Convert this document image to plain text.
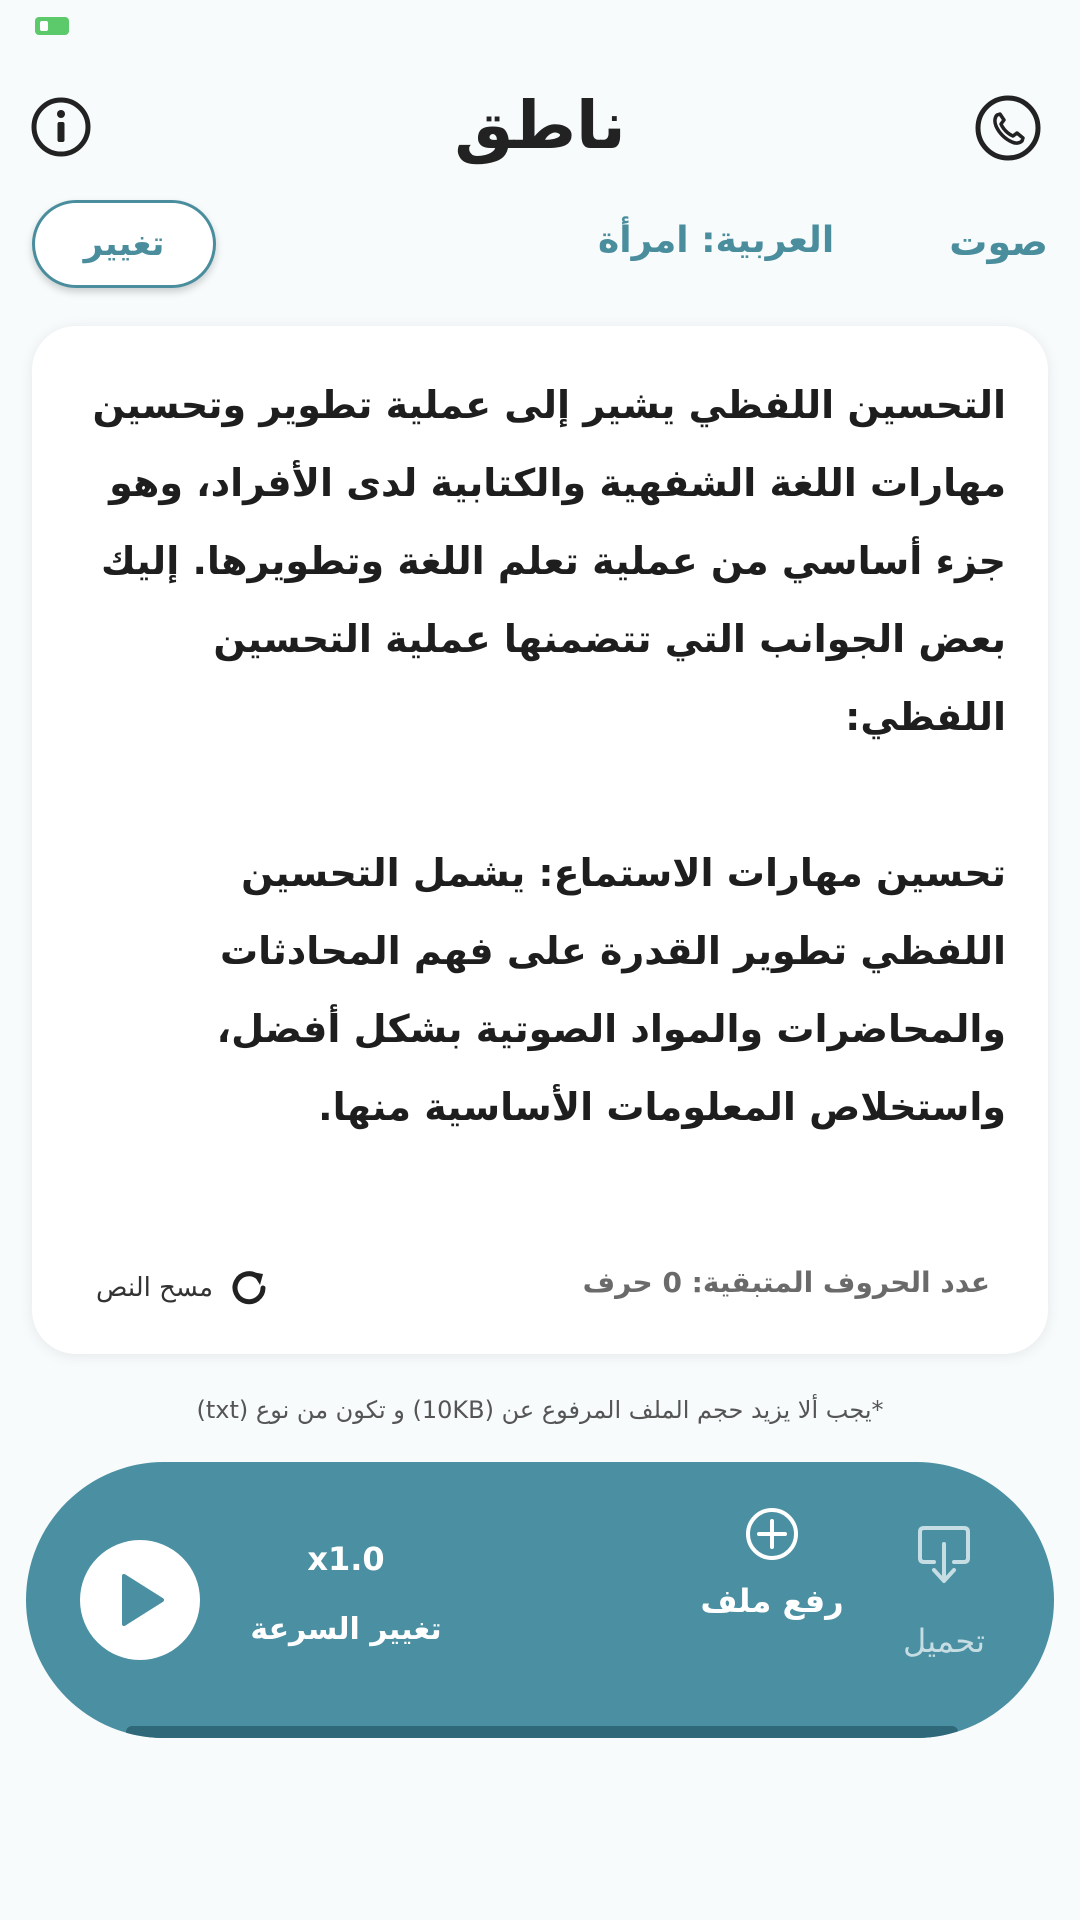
ناطق
تغيير	العربية: امرأة	صوت

التحسين اللفظي يشير إلى عملية تطوير وتحسين مهارات اللغة الشفهية والكتابية لدى الأفراد، وهو جزء أساسي من عملية تعلم اللغة وتطويرها. إليك بعض الجوانب التي تتضمنها عملية التحسين اللفظي:

تحسين مهارات الاستماع: يشمل التحسين اللفظي تطوير القدرة على فهم المحادثات والمحاضرات والمواد الصوتية بشكل أفضل، واستخلاص المعلومات الأساسية منها.

مسح النص	عدد الحروف المتبقية: 0 حرف
*يجب ألا يزيد حجم الملف المرفوع عن (10KB) و تكون من نوع (txt)
x1.0
تغيير السرعة
رفع ملف
تحميل
